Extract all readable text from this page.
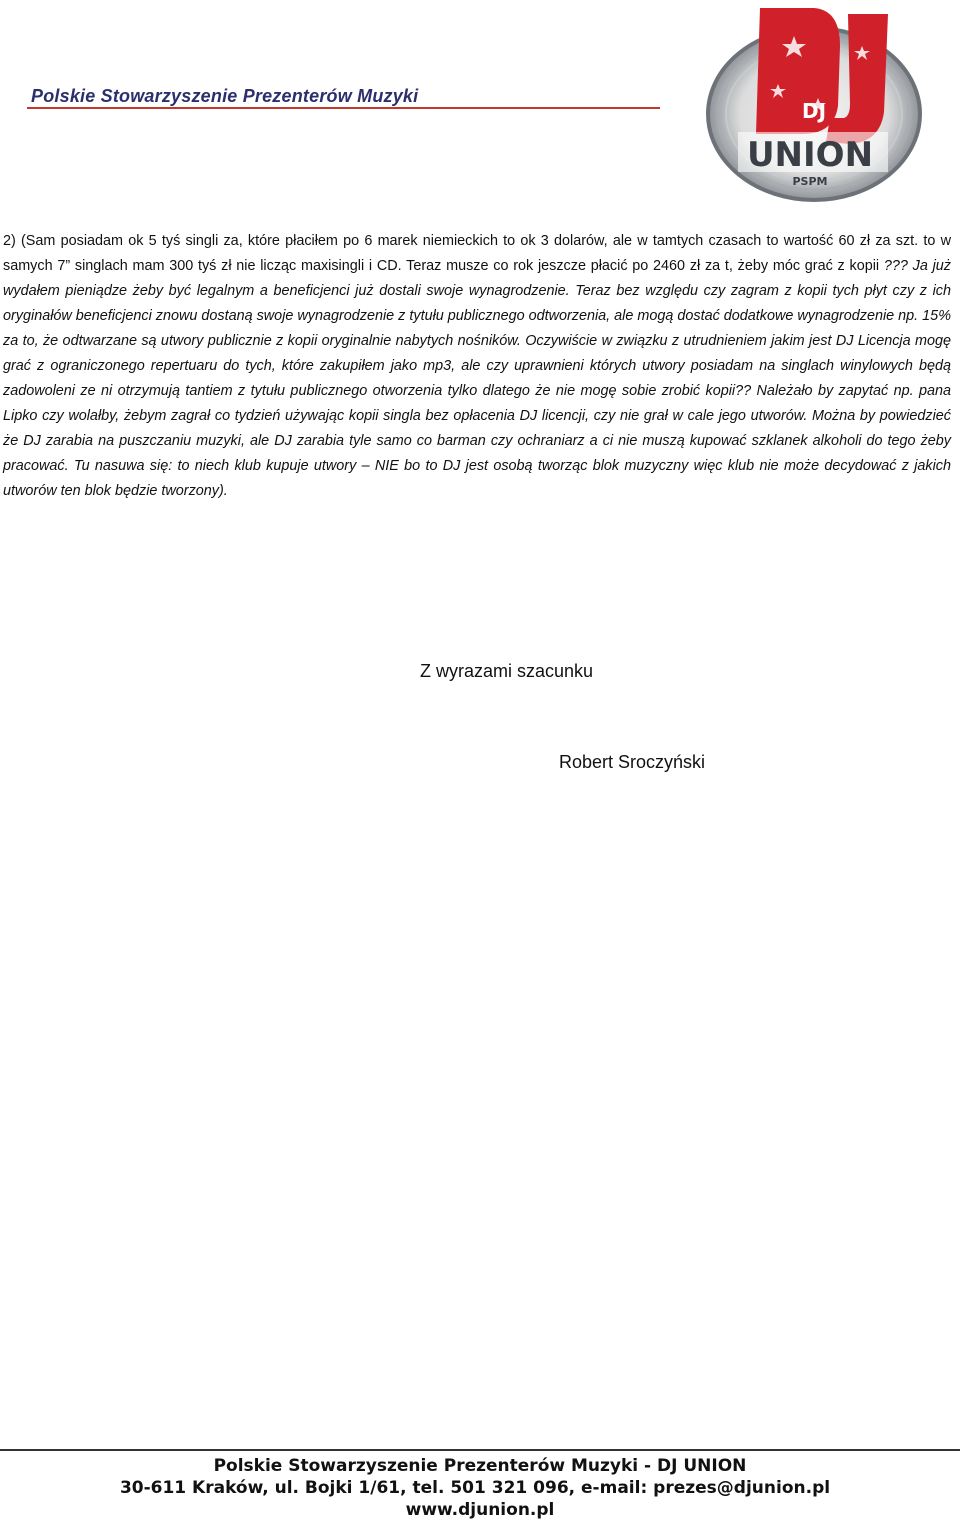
Polskie Stowarzyszenie Prezenterów Muzyki
DJ
UNION
PSPM
2) (Sam posiadam ok 5 tyś singli za, które płaciłem po 6 marek niemieckich to ok 3 dolarów, ale w tamtych czasach to wartość 60 zł za szt. to w samych 7” singlach mam 300 tyś zł nie licząc maxisingli i CD. Teraz musze co rok jeszcze płacić po 2460 zł za t, żeby móc grać z kopii ??? Ja już wydałem pieniądze żeby być legalnym a beneficjenci już dostali swoje wynagrodzenie. Teraz bez względu czy zagram z kopii tych płyt czy z ich oryginałów beneficjenci znowu dostaną swoje wynagrodzenie z tytułu publicznego odtworzenia, ale mogą dostać dodatkowe wynagrodzenie np. 15% za to, że odtwarzane są utwory publicznie z kopii oryginalnie nabytych nośników. Oczywiście w związku z utrudnieniem jakim jest DJ Licencja mogę grać z ograniczonego repertuaru do tych, które zakupiłem jako mp3, ale czy uprawnieni których utwory posiadam na singlach winylowych będą zadowoleni ze ni otrzymują tantiem z tytułu publicznego otworzenia tylko dlatego że nie mogę sobie zrobić kopii?? Należało by zapytać np. pana Lipko czy wolałby, żebym zagrał co tydzień używając kopii singla bez opłacenia DJ licencji, czy nie grał w cale jego utworów. Można by powiedzieć że DJ zarabia na puszczaniu muzyki, ale DJ zarabia tyle samo co barman czy ochraniarz a ci nie muszą kupować szklanek alkoholi do tego żeby pracować. Tu nasuwa się: to niech klub kupuje utwory – NIE bo to DJ jest osobą tworząc blok muzyczny więc klub nie może decydować z jakich utworów ten blok będzie tworzony).
Z wyrazami szacunku
Robert Sroczyński
Polskie Stowarzyszenie Prezenterów Muzyki - DJ UNION
30-611 Kraków, ul. Bojki 1/61, tel. 501 321 096, e-mail: prezes@djunion.pl
www.djunion.pl
